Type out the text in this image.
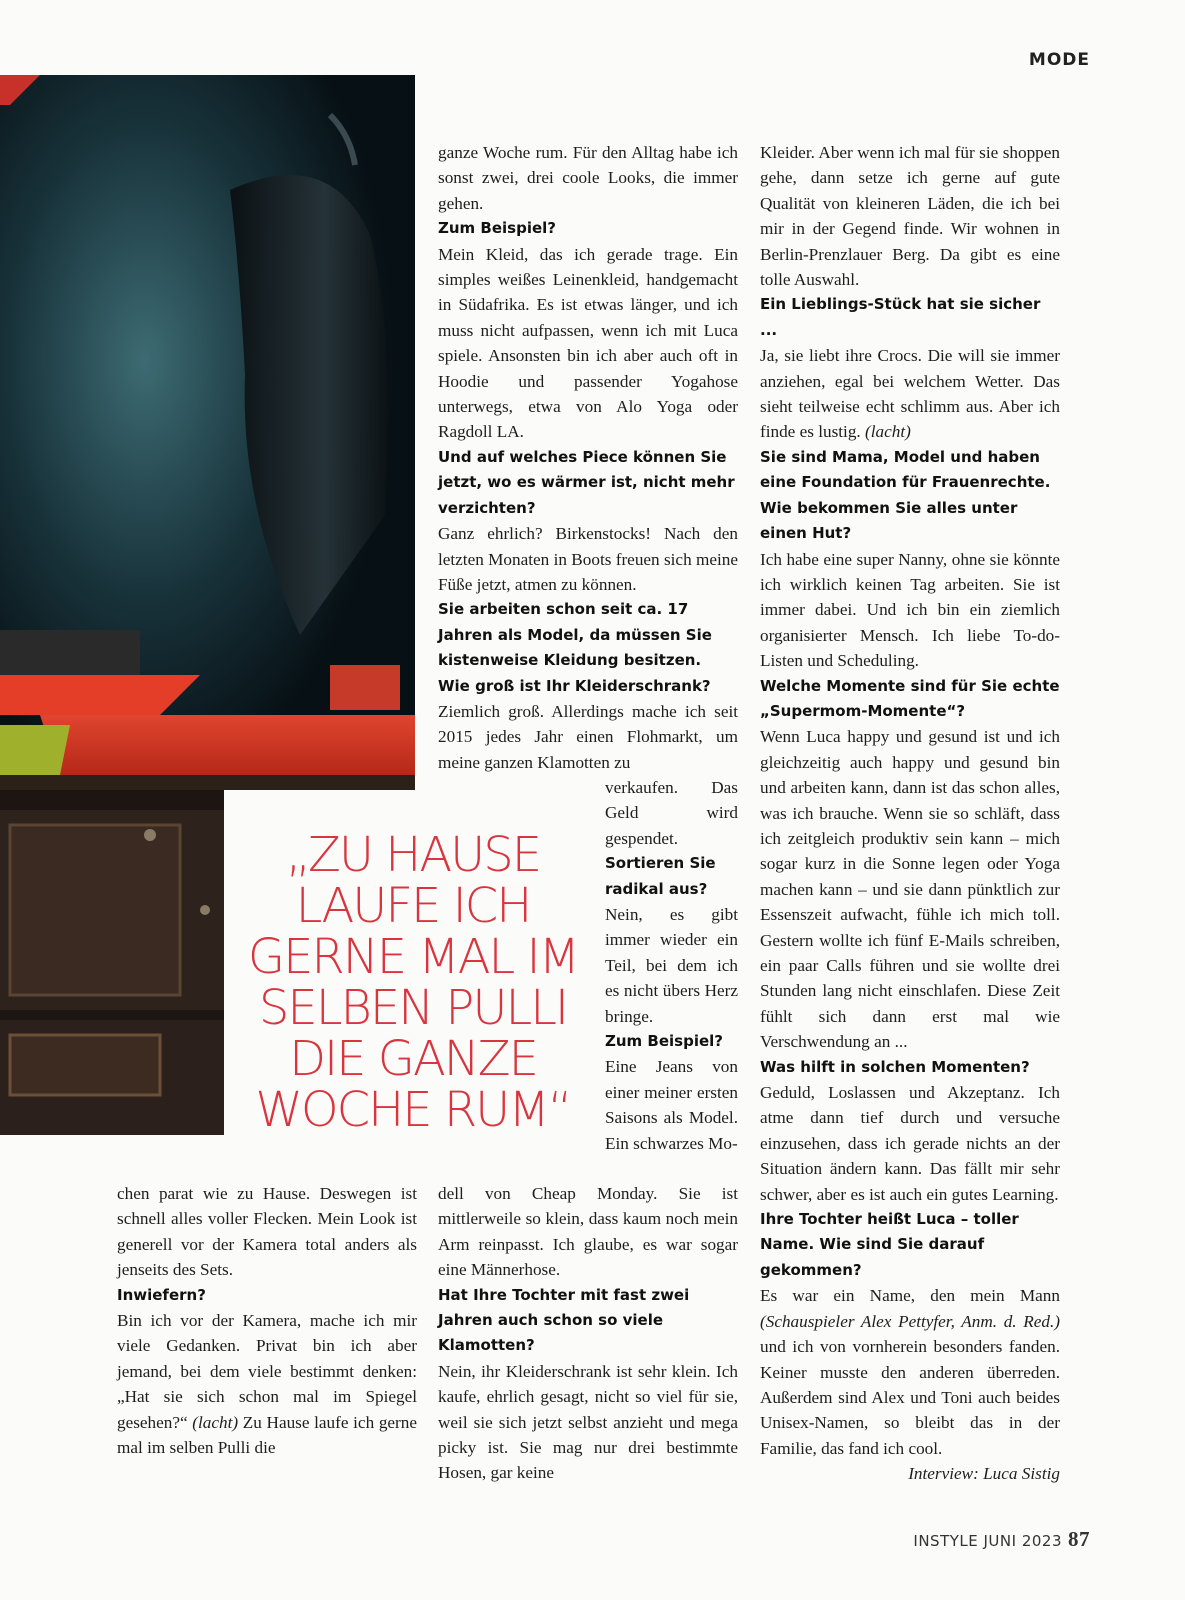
MODE
„ZU HAUSE
LAUFE ICH
GERNE MAL IM
SELBEN PULLI
DIE GANZE
WOCHE RUM“

chen parat wie zu Hause. Deswegen ist schnell alles voller Flecken. Mein Look ist generell vor der Kamera total anders als jenseits des Sets.

Inwiefern?

Bin ich vor der Kamera, mache ich mir viele Gedanken. Privat bin ich aber jemand, bei dem viele bestimmt denken: „Hat sie sich schon mal im Spiegel gesehen?“ (lacht) Zu Hause laufe ich gerne mal im selben Pulli die

ganze Woche rum. Für den Alltag habe ich sonst zwei, drei coole Looks, die immer gehen.

Zum Beispiel?

Mein Kleid, das ich gerade trage. Ein simples weißes Leinenkleid, handgemacht in Südafrika. Es ist etwas länger, und ich muss nicht aufpassen, wenn ich mit Luca spiele. Ansonsten bin ich aber auch oft in Hoodie und passender Yogahose unterwegs, etwa von Alo Yoga oder Ragdoll LA.

Und auf welches Piece können Sie jetzt, wo es wärmer ist, nicht mehr verzichten?

Ganz ehrlich? Birkenstocks! Nach den letzten Monaten in Boots freuen sich meine Füße jetzt, atmen zu können.

Sie arbeiten schon seit ca. 17 Jahren als Model, da müssen Sie kistenweise Kleidung besitzen. Wie groß ist Ihr Kleiderschrank?

Ziemlich groß. Allerdings mache ich seit 2015 jedes Jahr einen Flohmarkt, um meine ganzen Klamotten zu

verkaufen. Das Geld wird gespendet.

Sortieren Sie radikal aus?

Nein, es gibt immer wieder ein Teil, bei dem ich es nicht übers Herz bringe.

Zum Beispiel?

Eine Jeans von einer meiner ersten Saisons als Model. Ein schwarzes Mo-

dell von Cheap Monday. Sie ist mittlerweile so klein, dass kaum noch mein Arm reinpasst. Ich glaube, es war sogar eine Männerhose.

Hat Ihre Tochter mit fast zwei Jahren auch schon so viele Klamotten?

Nein, ihr Kleiderschrank ist sehr klein. Ich kaufe, ehrlich gesagt, nicht so viel für sie, weil sie sich jetzt selbst anzieht und mega picky ist. Sie mag nur drei bestimmte Hosen, gar keine

Kleider. Aber wenn ich mal für sie shoppen gehe, dann setze ich gerne auf gute Qualität von kleineren Läden, die ich bei mir in der Gegend finde. Wir wohnen in Berlin-Prenzlauer Berg. Da gibt es eine tolle Auswahl.

Ein Lieblings-Stück hat sie sicher ...

Ja, sie liebt ihre Crocs. Die will sie immer anziehen, egal bei welchem Wetter. Das sieht teilweise echt schlimm aus. Aber ich finde es lustig. (lacht)

Sie sind Mama, Model und haben eine Foundation für Frauenrechte. Wie bekommen Sie alles unter einen Hut?

Ich habe eine super Nanny, ohne sie könnte ich wirklich keinen Tag arbeiten. Sie ist immer dabei. Und ich bin ein ziemlich organisierter Mensch. Ich liebe To-do-Listen und Scheduling.

Welche Momente sind für Sie echte „Supermom-Momente“?

Wenn Luca happy und gesund ist und ich gleichzeitig auch happy und gesund bin und arbeiten kann, dann ist das schon alles, was ich brauche. Wenn sie so schläft, dass ich zeitgleich produktiv sein kann – mich sogar kurz in die Sonne legen oder Yoga machen kann – und sie dann pünktlich zur Essenszeit aufwacht, fühle ich mich toll. Gestern wollte ich fünf E-Mails schreiben, ein paar Calls führen und sie wollte drei Stunden lang nicht einschlafen. Diese Zeit fühlt sich dann erst mal wie Verschwendung an ...

Was hilft in solchen Momenten?

Geduld, Loslassen und Akzeptanz. Ich atme dann tief durch und versuche einzusehen, dass ich gerade nichts an der Situation ändern kann. Das fällt mir sehr schwer, aber es ist auch ein gutes Learning.

Ihre Tochter heißt Luca – toller Name. Wie sind Sie darauf gekommen?

Es war ein Name, den mein Mann (Schauspieler Alex Pettyfer, Anm. d. Red.) und ich von vornherein besonders fanden. Keiner musste den anderen überreden. Außerdem sind Alex und Toni auch beides Unisex-Namen, so bleibt das in der Familie, das fand ich cool.
Interview: Luca Sistig

INSTYLE JUNI 2023 87
